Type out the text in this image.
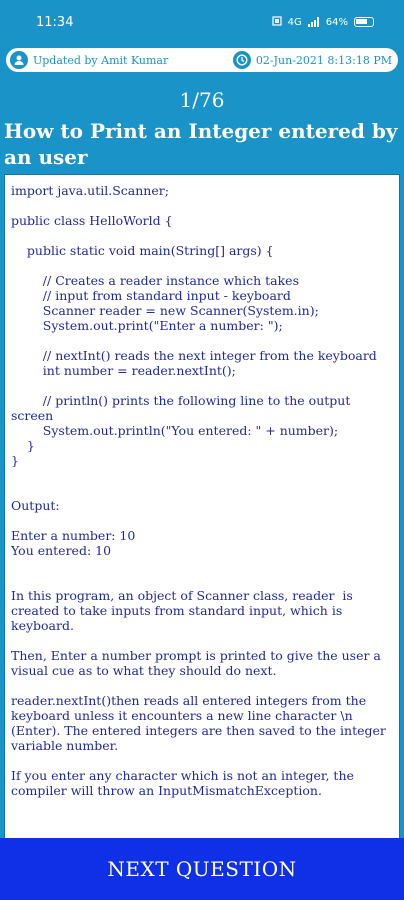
11:34	4G 64%
Updated by Amit Kumar	02-Jun-2021 8:13:18 PM
1/76
How to Print an Integer entered by an user
import java.util.Scanner;

public class HelloWorld {

public static void main(String[] args) {

// Creates a reader instance which takes
// input from standard input - keyboard
Scanner reader = new Scanner(System.in);
System.out.print("Enter a number: ");

// nextInt() reads the next integer from the keyboard
int number = reader.nextInt();

// println() prints the following line to the output screen
System.out.println("You entered: " + number);
}
}

Output:

Enter a number: 10
You entered: 10

In this program, an object of Scanner class, reader  is created to take inputs from standard input, which is keyboard.

Then, Enter a number prompt is printed to give the user a visual cue as to what they should do next.

reader.nextInt()then reads all entered integers from the keyboard unless it encounters a new line character \n (Enter). The entered integers are then saved to the integer variable number.

If you enter any character which is not an integer, the compiler will throw an InputMismatchException.
NEXT QUESTION
